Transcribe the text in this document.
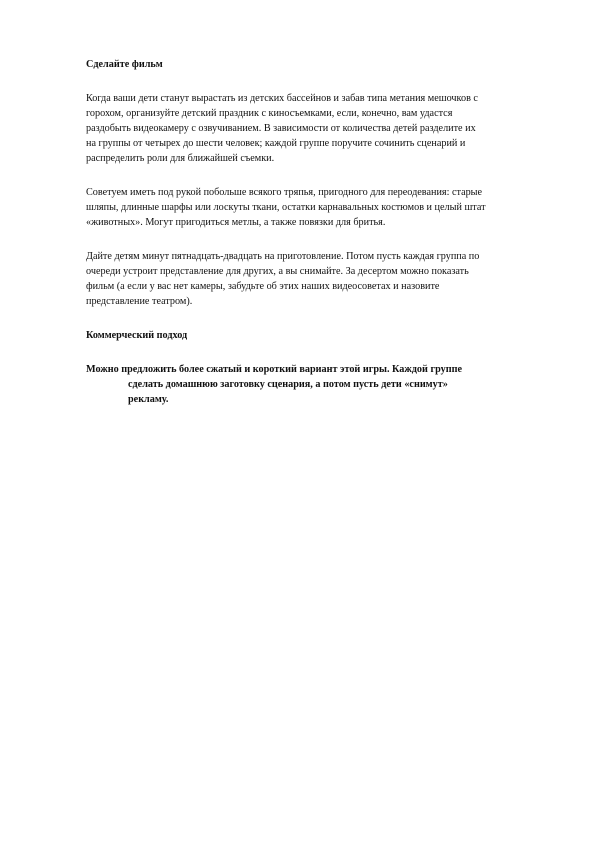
Сделайте фильм
Когда ваши дети станут вырастать из детских бассейнов и забав типа метания мешочков с
горохом, организуйте детский праздник с киносъемками, если, конечно, вам удастся
раздобыть видеокамеру с озвучиванием. В зависимости от количества детей разделите их
на группы от четырех до шести человек; каждой группе поручите сочинить сценарий и
распределить роли для ближайшей съемки.
Советуем иметь под рукой побольше всякого тряпья, пригодного для переодевания: старые
шляпы, длинные шарфы или лоскуты ткани, остатки карнавальных костюмов и целый штат
«животных». Могут пригодиться метлы, а также повязки для бритья.
Дайте детям минут пятнадцать-двадцать на приготовление. Потом пусть каждая группа по
очереди устроит представление для других, а вы снимайте. За десертом можно показать
фильм (а если у вас нет камеры, забудьте об этих наших видеосоветах и назовите
представление театром).
Коммерческий подход
Можно предложить более сжатый и короткий вариант этой игры. Каждой группе
сделать домашнюю заготовку сценария, а потом пусть дети «снимут»
рекламу.
